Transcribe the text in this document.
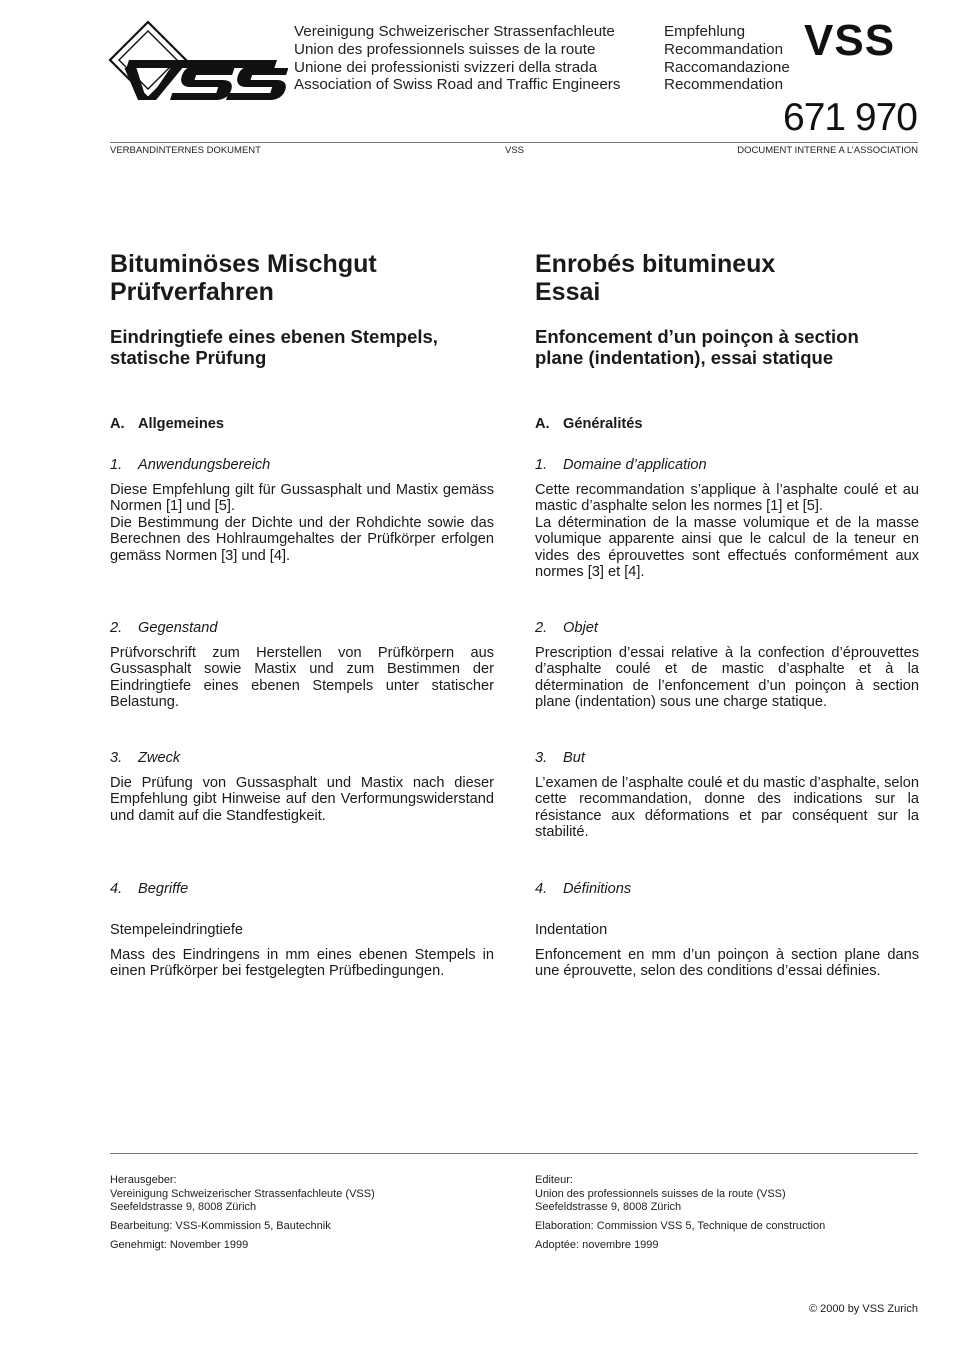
Vereinigung Schweizerischer Strassenfachleute
Union des professionnels suisses de la route
Unione dei professionisti svizzeri della strada
Association of Swiss Road and Traffic Engineers
Empfehlung
Recommandation
Raccomandazione
Recommendation
VSS
671 970
VERBANDINTERNES DOKUMENT	VSS	DOCUMENT INTERNE A L’ASSOCIATION
Bituminöses Mischgut
Prüfverfahren
Eindringtiefe eines ebenen Stempels,
statische Prüfung
A. Allgemeines
1. Anwendungsbereich

Diese Empfehlung gilt für Gussasphalt und Mastix gemäss Normen [1] und [5].

Die Bestimmung der Dichte und der Rohdichte sowie das Berechnen des Hohlraumgehaltes der Prüfkörper erfolgen gemäss Normen [3] und [4].

2. Gegenstand

Prüfvorschrift zum Herstellen von Prüfkörpern aus Gussasphalt sowie Mastix und zum Bestimmen der Eindringtiefe eines ebenen Stempels unter statischer Belastung.

3. Zweck

Die Prüfung von Gussasphalt und Mastix nach dieser Empfehlung gibt Hinweise auf den Verformungswiderstand und damit auf die Standfestigkeit.

4. Begriffe

Stempeleindringtiefe

Mass des Eindringens in mm eines ebenen Stempels in einen Prüfkörper bei festgelegten Prüfbedingungen.

Enrobés bitumineux
Essai
Enfoncement d’un poinçon à section
plane (indentation), essai statique
A. Généralités
1. Domaine d’application

Cette recommandation s’applique à l’asphalte coulé et au mastic d’asphalte selon les normes [1] et [5].

La détermination de la masse volumique et de la masse volumique apparente ainsi que le calcul de la teneur en vides des éprouvettes sont effectués conformément aux normes [3] et [4].

2. Objet

Prescription d’essai relative à la confection d’éprouvettes d’asphalte coulé et de mastic d’asphalte et à la détermination de l’enfoncement d’un poinçon à section plane (indentation) sous une charge statique.

3. But

L’examen de l’asphalte coulé et du mastic d’asphalte, selon cette recommandation, donne des indications sur la résistance aux déformations et par conséquent sur la stabilité.

4. Définitions

Indentation

Enfoncement en mm d’un poinçon à section plane dans une éprouvette, selon des conditions d’essai définies.

Herausgeber:

Vereinigung Schweizerischer Strassenfachleute (VSS)

Seefeldstrasse 9, 8008 Zürich

Bearbeitung: VSS-Kommission 5, Bautechnik

Genehmigt: November 1999

Editeur:

Union des professionnels suisses de la route (VSS)

Seefeldstrasse 9, 8008 Zürich

Elaboration: Commission VSS 5, Technique de construction

Adoptée: novembre 1999

© 2000 by VSS Zurich
